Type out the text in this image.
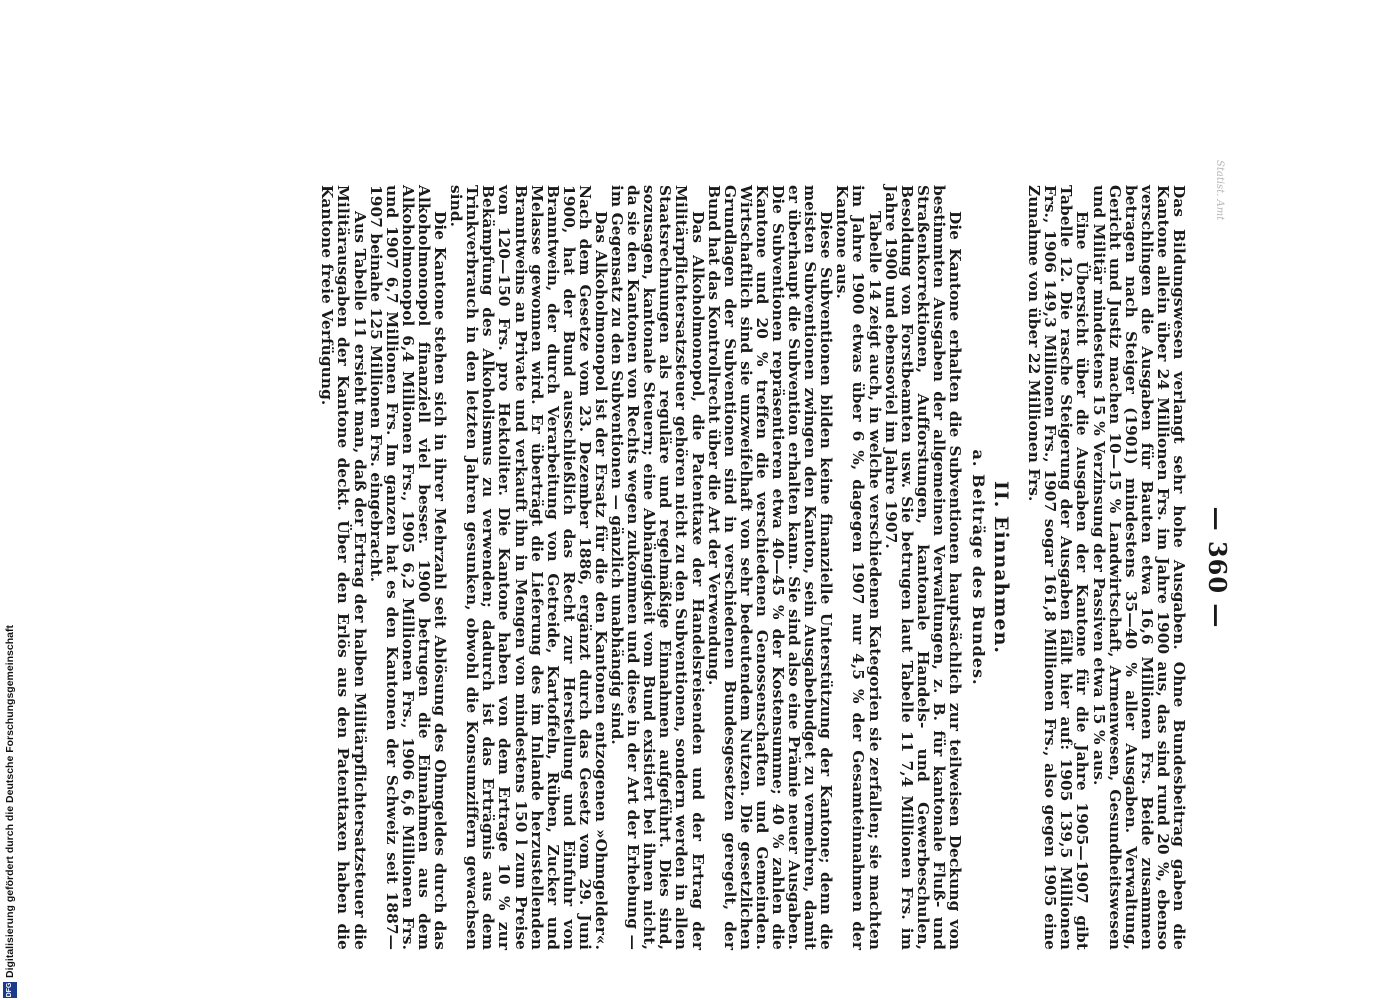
Statist. Amt
— 360 —

Das Bildungswesen verlangt sehr hohe Ausgaben. Ohne Bundesbeitrag gaben die Kantone allein über 24 Millionen Frs. im Jahre 1900 aus, das sind rund 20 %, ebenso verschlingen die Ausgaben für Bauten etwa 16,6 Millionen Frs. Beide zusammen betragen nach Steiger (1901) mindestens 35—40 % aller Ausgaben. Verwaltung, Gericht und Justiz machen 10—15 % Landwirtschaft, Armenwesen, Gesundheitswesen und Militär mindestens 15 % Verzinsung der Passiven etwa 15 % aus.

Eine Übersicht über die Ausgaben der Kantone für die Jahre 1905—1907 gibt Tabelle 12. Die rasche Steigerung der Ausgaben fällt hier auf: 1905 139,5 Millionen Frs., 1906 149,3 Millionen Frs., 1907 sogar 161,8 Millionen Frs., also gegen 1905 eine Zunahme von über 22 Millionen Frs.

II. Einnahmen.
a. Beiträge des Bundes.

Die Kantone erhalten die Subventionen hauptsächlich zur teilweisen Deckung von bestimmten Ausgaben der allgemeinen Verwaltungen, z. B. für kantonale Fluß- und Straßenkorrektionen, Aufforstungen, kantonale Handels- und Gewerbeschulen, Besoldung von Forstbeamten usw. Sie betrugen laut Tabelle 11 7,4 Millionen Frs. im Jahre 1900 und ebensoviel im Jahre 1907.

Tabelle 14 zeigt auch, in welche verschiedenen Kategorien sie zerfallen; sie machten im Jahre 1900 etwas über 6 %, dagegen 1907 nur 4,5 % der Gesamteinnahmen der Kantone aus.

Diese Subventionen bilden keine finanzielle Unterstützung der Kantone; denn die meisten Subventionen zwingen den Kanton, sein Ausgabebudget zu vermehren, damit er überhaupt die Subvention erhalten kann. Sie sind also eine Prämie neuer Ausgaben. Die Subventionen repräsentieren etwa 40—45 % der Kostensumme; 40 % zahlen die Kantone und 20 % treffen die verschiedenen Genossenschaften und Gemeinden. Wirtschaftlich sind sie unzweifelhaft von sehr bedeutendem Nutzen. Die gesetzlichen Grundlagen der Subventionen sind in verschiedenen Bundesgesetzen geregelt, der Bund hat das Kontrollrecht über die Art der Verwendung.

Das Alkoholmonopol, die Patenttaxe der Handelsreisenden und der Ertrag der Militärpflichtersatzsteuer gehören nicht zu den Subventionen, sondern werden in allen Staatsrechnungen als reguläre und regelmäßige Einnahmen aufgeführt. Dies sind, sozusagen, kantonale Steuern; eine Abhängigkeit vom Bund existiert bei ihnen nicht, da sie den Kantonen von Rechts wegen zukommen und diese in der Art der Erhebung — im Gegensatz zu den Subventionen — gänzlich unabhängig sind.

Das Alkoholmonopol ist der Ersatz für die den Kantonen entzogenen »Ohmgelder«. Nach dem Gesetze vom 23. Dezember 1886, ergänzt durch das Gesetz vom 29. Juni 1900, hat der Bund ausschließlich das Recht zur Herstellung und Einfuhr von Branntwein, der durch Verarbeitung von Getreide, Kartoffeln, Rüben, Zucker und Melasse gewonnen wird. Er überträgt die Lieferung des im Inlande herzustellenden Branntweins an Private und verkauft ihn in Mengen von mindestens 150 l zum Preise von 120—150 Frs. pro Hektoliter. Die Kantone haben von dem Ertrage 10 % zur Bekämpfung des Alkoholismus zu verwenden; dadurch ist das Erträgnis aus dem Trinkverbrauch in den letzten Jahren gesunken, obwohl die Konsumziffern gewachsen sind.

Die Kantone stehen sich in ihrer Mehrzahl seit Ablösung des Ohmgeldes durch das Alkoholmonopol finanziell viel besser. 1900 betrugen die Einnahmen aus dem Alkoholmonopol 6,4 Millionen Frs., 1905 6,2 Millionen Frs., 1906 6,6 Millionen Frs. und 1907 6,7 Millionen Frs. Im ganzen hat es den Kantonen der Schweiz seit 1887—1907 beinahe 125 Millionen Frs. eingebracht.

Aus Tabelle 11 ersieht man, daß der Ertrag der halben Militärpflichtersatzsteuer die Militärausgaben der Kantone deckt. Über den Erlös aus den Patenttaxen haben die Kantone freie Verfügung.

DFG
Digitalisierung gefördert durch die Deutsche Forschungsgemeinschaft
